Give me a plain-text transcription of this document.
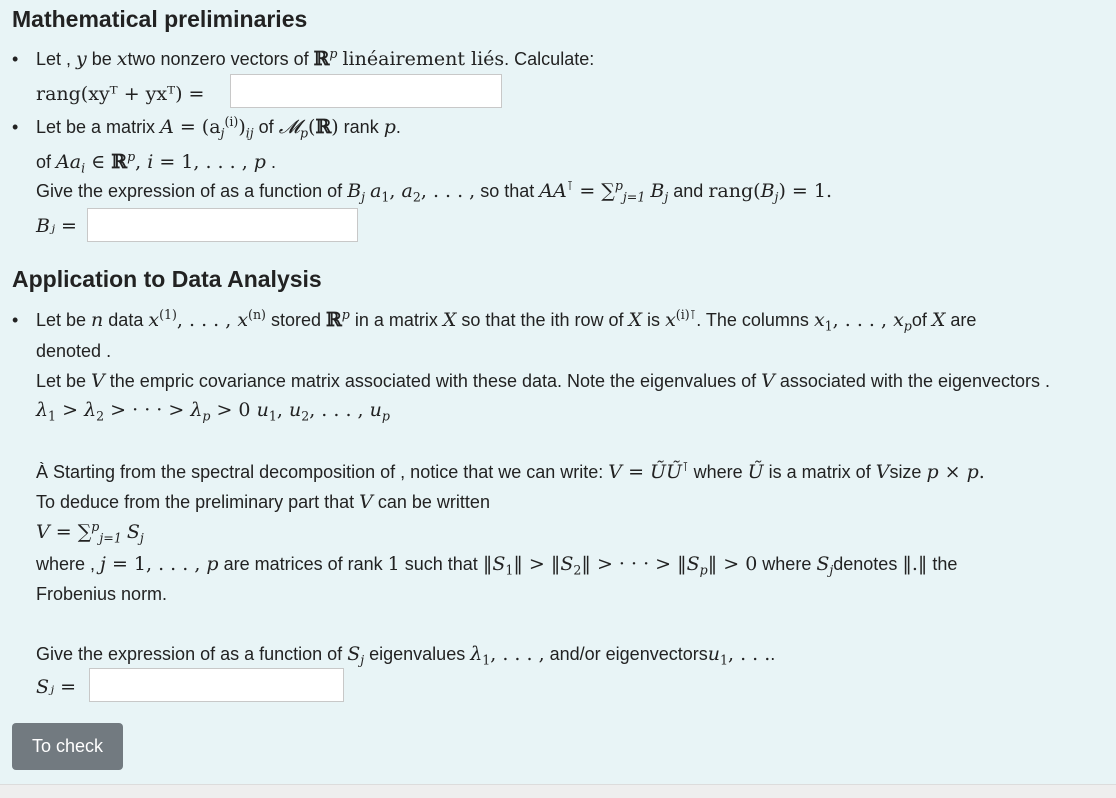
Mathematical preliminaries
• Let , y be xtwo nonzero vectors of ℝ$^p$ linéairement liés. Calculate:
rang(xyᵀ + yxᵀ) =
• Let be a matrix $A = (a_j^{(i)})_{ij}$ of 𝓜$_p$(ℝ) rank p.
of $Aa_i$ ∈ ℝ$^p$, i = 1, . . . , p .
Give the expression of as a function of $B_j$ $a_1$, $a_2$, . . . , so that AA⊺ = ∑$^p_{j=1}$ $B_j$ and $rang(B_j) = 1$.
Bⱼ =
Application to Data Analysis
• Let be n data $x^{(1)}$, . . . , $x^{(n)}$ stored ℝ$^p$ in a matrix X so that the ith row of X is $x^{(i)⊺}$. The columns $x_1$, . . . , $x_pof$ X are
denoted .
Let be V the empric covariance matrix associated with these data. Note the eigenvalues of V associated with the eigenvectors .
$\lambda_1 > \lambda_2$ > · · · > $\lambda_p > 0$ $u_1$, $u_2$, . . . , $u_p$
À Starting from the spectral decomposition of , notice that we can write: V = ŨŨ⊺ where Ũ is a matrix of Vsize p × p.
To deduce from the preliminary part that V can be written
V = ∑$^p_{j=1}$ $S_j$
where , j = 1, . . . , p are matrices of rank 1 such that $‖S_1‖$ > $‖S_2‖$ > · · · > $‖S_p‖ > 0$ where $S_jdenotes$ ‖.‖ the
Frobenius norm.
Give the expression of as a function of $S_j$ eigenvalues $\lambda_1$, . . . , and/or eigenvectorsu$_1$, . . ..
Sⱼ =
To check
